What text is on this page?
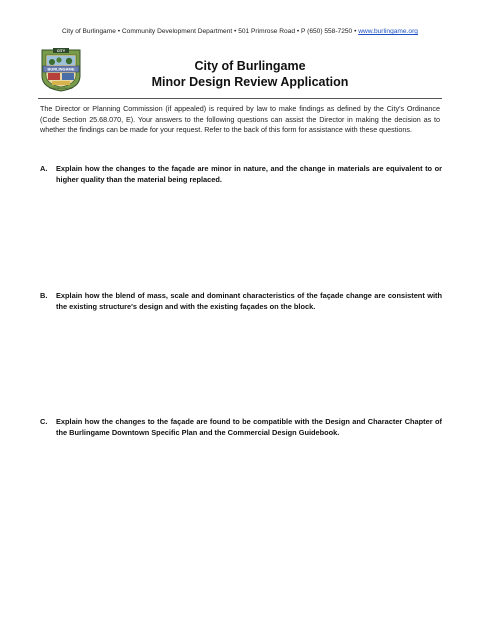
City of Burlingame • Community Development Department • 501 Primrose Road • P (650) 558-7250 • www.burlingame.org
CITY
BURLINGAME
INCORPORATED JUNE 6, 1908
City of Burlingame
Minor Design Review Application
The Director or Planning Commission (if appealed) is required by law to make findings as defined by the City's Ordinance (Code Section 25.68.070, E). Your answers to the following questions can assist the Director in making the decision as to whether the findings can be made for your request. Refer to the back of this form for assistance with these questions.
A.	Explain how the changes to the façade are minor in nature, and the change in materials are equivalent to or higher quality than the material being replaced.
B.	Explain how the blend of mass, scale and dominant characteristics of the façade change are consistent with the existing structure's design and with the existing façades on the block.
C.	Explain how the changes to the façade are found to be compatible with the Design and Character Chapter of the Burlingame Downtown Specific Plan and the Commercial Design Guidebook.
